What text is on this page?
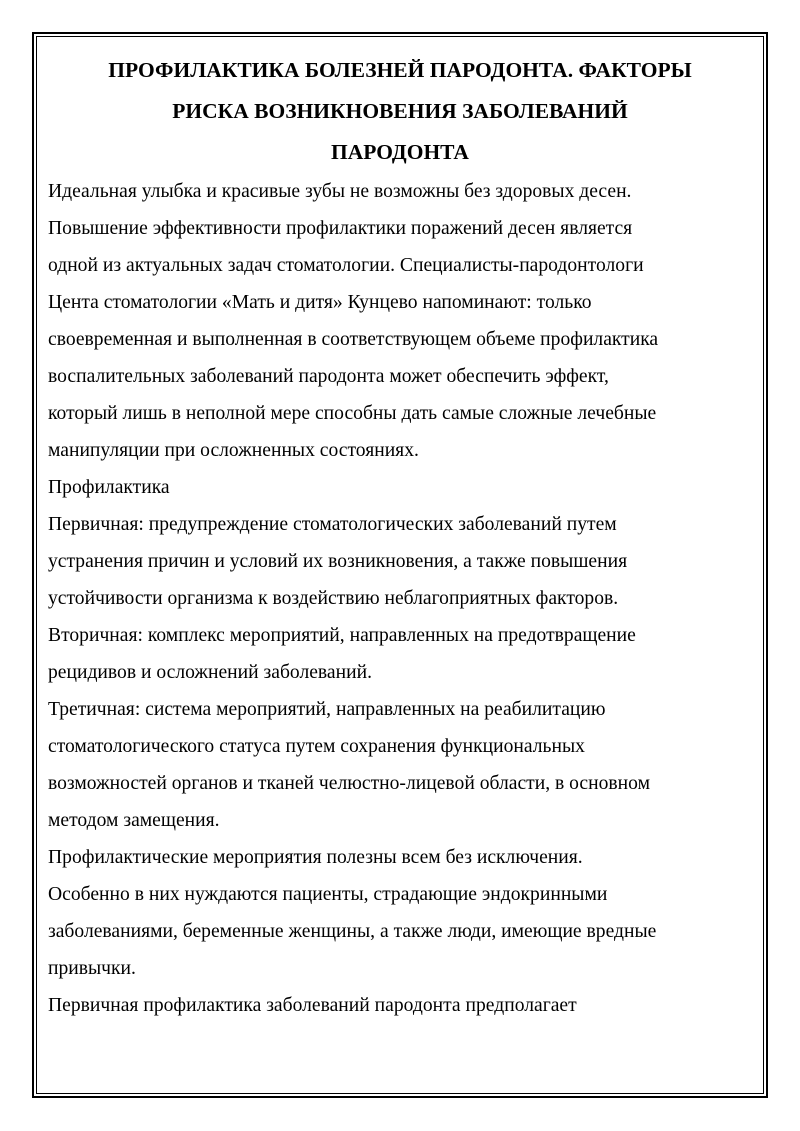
ПРОФИЛАКТИКА БОЛЕЗНЕЙ ПАРОДОНТА. ФАКТОРЫ
РИСКА ВОЗНИКНОВЕНИЯ ЗАБОЛЕВАНИЙ
ПАРОДОНТА

Идеальная улыбка и красивые зубы не возможны без здоровых десен.

Повышение эффективности профилактики поражений десен является

одной из актуальных задач стоматологии. Специалисты-пародонтологи

Цента стоматологии «Мать и дитя» Кунцево напоминают: только

своевременная и выполненная в соответствующем объеме профилактика

воспалительных заболеваний пародонта может обеспечить эффект,

который лишь в неполной мере способны дать самые сложные лечебные

манипуляции при осложненных состояниях.

Профилактика

Первичная: предупреждение стоматологических заболеваний путем

устранения причин и условий их возникновения, а также повышения

устойчивости организма к воздействию неблагоприятных факторов.

Вторичная: комплекс мероприятий, направленных на предотвращение

рецидивов и осложнений заболеваний.

Третичная: система мероприятий, направленных на реабилитацию

стоматологического статуса путем сохранения функциональных

возможностей органов и тканей челюстно-лицевой области, в основном

методом замещения.

Профилактические мероприятия полезны всем без исключения.

Особенно в них нуждаются пациенты, страдающие эндокринными

заболеваниями, беременные женщины, а также люди, имеющие вредные

привычки.

Первичная профилактика заболеваний пародонта предполагает
